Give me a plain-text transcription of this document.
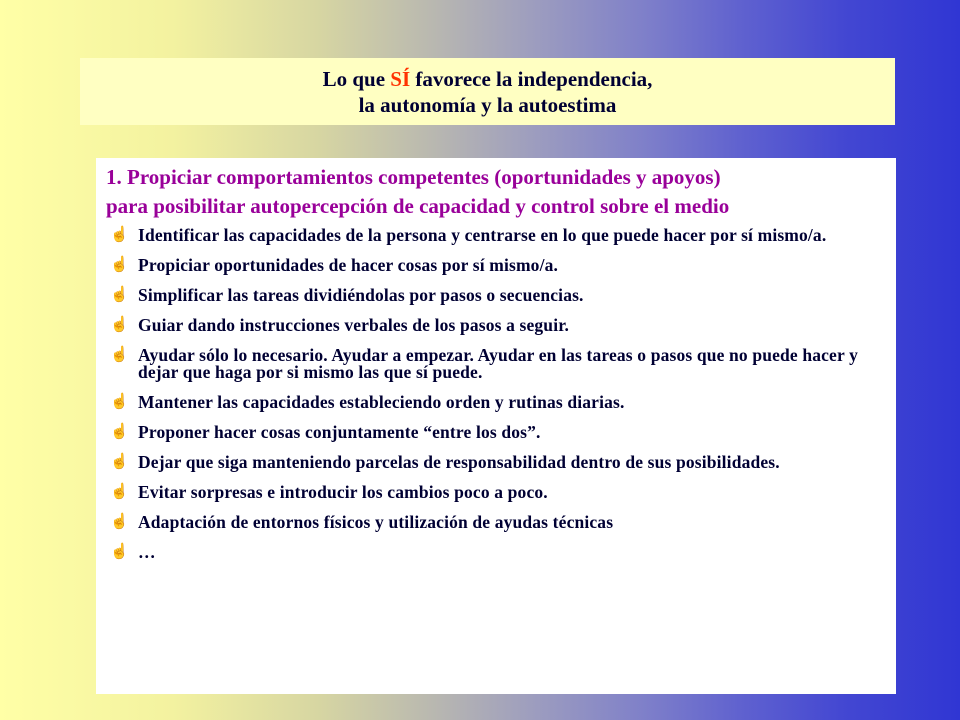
Lo que SÍ favorece la independencia,
la autonomía y la autoestima

1. Propiciar comportamientos competentes (oportunidades y apoyos)

para posibilitar autopercepción de capacidad y control sobre el medio

☝ Identificar las capacidades de la persona y centrarse en lo que puede hacer por sí mismo/a.
☝ Propiciar oportunidades de hacer cosas por sí mismo/a.
☝ Simplificar las tareas dividiéndolas por pasos o secuencias.
☝ Guiar dando instrucciones verbales de los pasos a seguir.
☝ Ayudar sólo lo necesario. Ayudar a empezar. Ayudar en las tareas o pasos que no puede hacer y dejar que haga por si mismo las que sí puede.
☝ Mantener las capacidades estableciendo orden y rutinas diarias.
☝ Proponer hacer cosas conjuntamente “entre los dos”.
☝ Dejar que siga manteniendo parcelas de responsabilidad dentro de sus posibilidades.
☝ Evitar sorpresas e introducir los cambios poco a poco.
☝ Adaptación de entornos físicos y utilización de ayudas técnicas
☝ …
